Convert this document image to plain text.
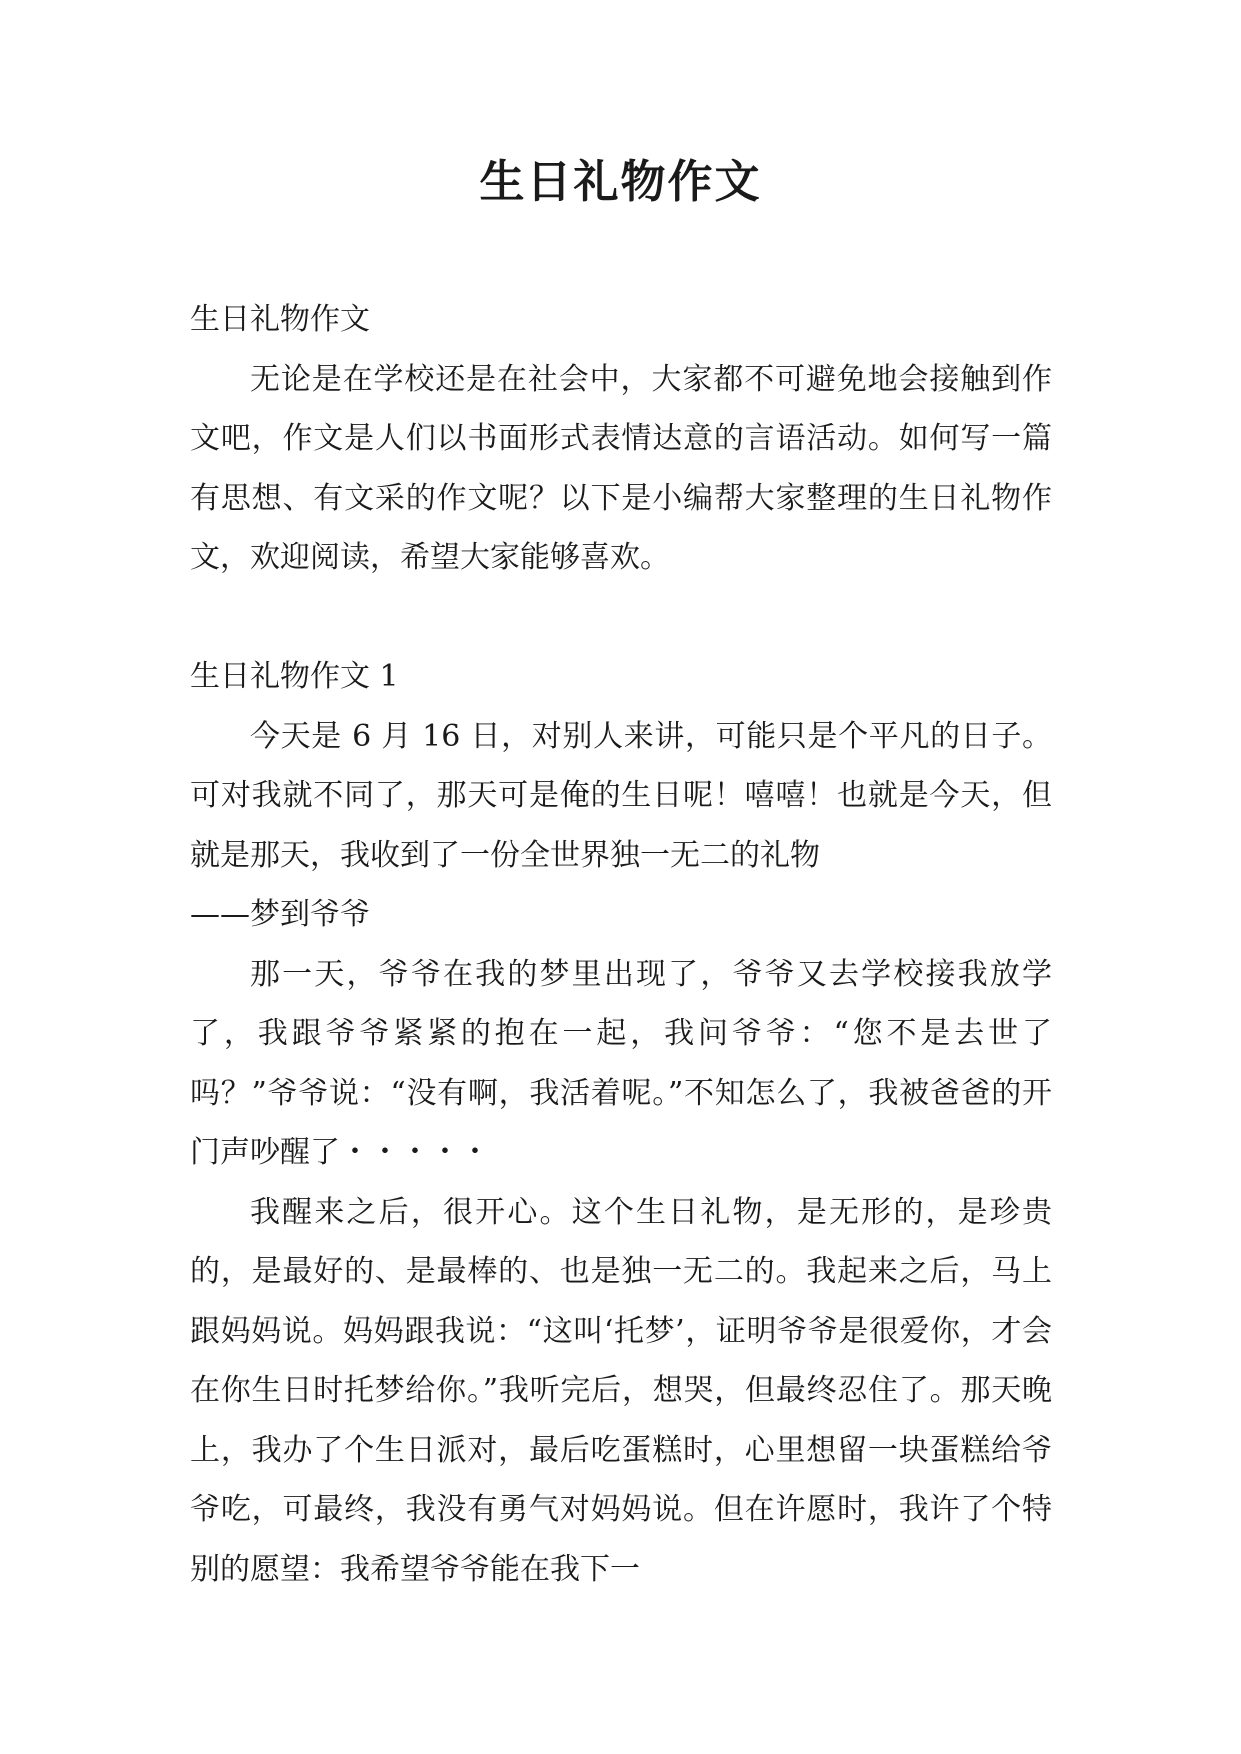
生日礼物作文

生日礼物作文

无论是在学校还是在社会中，大家都不可避免地会接触到作文吧，作文是人们以书面形式表情达意的言语活动。如何写一篇有思想、有文采的作文呢？以下是小编帮大家整理的生日礼物作文，欢迎阅读，希望大家能够喜欢。

生日礼物作文 1

今天是 6 月 16 日，对别人来讲，可能只是个平凡的日子。可对我就不同了，那天可是俺的生日呢！嘻嘻！也就是今天，但就是那天，我收到了一份全世界独一无二的礼物

——梦到爷爷

那一天，爷爷在我的梦里出现了，爷爷又去学校接我放学了，我跟爷爷紧紧的抱在一起，我问爷爷：“您不是去世了吗？”爷爷说：“没有啊，我活着呢。”不知怎么了，我被爸爸的开门声吵醒了・・・・・

我醒来之后，很开心。这个生日礼物，是无形的，是珍贵的，是最好的、是最棒的、也是独一无二的。我起来之后，马上跟妈妈说。妈妈跟我说：“这叫‘托梦’，证明爷爷是很爱你，才会在你生日时托梦给你。”我听完后，想哭，但最终忍住了。那天晚上，我办了个生日派对，最后吃蛋糕时，心里想留一块蛋糕给爷爷吃，可最终，我没有勇气对妈妈说。但在许愿时，我许了个特别的愿望：我希望爷爷能在我下一
